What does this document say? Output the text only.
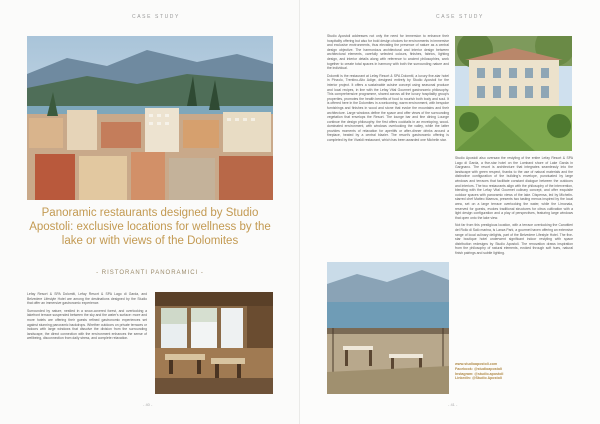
CASE STUDY
Panoramic restaurants designed by Studio Apostoli: exclusive locations for wellness by the lake or with views of the Dolomites
- RISTORANTI PANORAMICI -

Lefay Resort & SPA Dolomiti, Lefay Resort & SPA Lago di Garda, and Belvedere Lifestyle Hotel are among the destinations designed by the Studio that offer an immersive gastronomic experience.

Surrounded by nature, nestled in a snow-covered forest, and overlooking a lakefront terrace suspended between the sky and the water's surface: more and more hotels are offering their guests refined gastronomic experiences set against stunning panoramic backdrops. Whether outdoors on private terraces or indoors with large windows that dissolve the division from the surrounding landscape, the direct connection with the environment enhances the sense of wellbeing, disconnection from daily stress, and complete relaxation.

- 40 -
CASE STUDY
- 41 -

Studio Apostoli addresses not only the need for immersion to enhance their hospitality offering but also for bold design choices for environments in immersive and exclusive environments, thus elevating the presence of nature as a central design objective. The harmonious architectural and interior design between architectural elements, carefully selected colours, finishes, fabrics, lighting design, and interior details along with reference to ancient philosophies, work together to create total spaces in harmony with both the surrounding nature and the individual.

Dolomiti is the restaurant at Lefay Resort & SPA Dolomiti, a luxury five-star hotel in Pinzolo, Trentino-Alto Adige, designed entirely by Studio Apostoli for the interior project. It offers a sustainable cuisine concept using seasonal produce and local recipes, in line with the Lefay Vital Gourmet gastronomic philosophy. This comprehensive programme, shared across all the luxury hospitality group's properties, promotes the health benefits of food to nourish both body and soul. It is offered here in the Dolomites in a welcoming, warm environment, with bespoke furnishings and finishes in wood and stone that evoke the mountains and their architecture. Large windows define the space and offer views of the surrounding vegetation that envelops the Resort. The lounge bar and fine dining Lounge continue the design philosophy: the first offers cocktails in an enveloping, wood-dominated environment, with windows overlooking the valley, while the latter provides moments of relaxation for aperitifs or after-dinner drinks around a fireplace, heated by a central blazier. The resort's gastronomic offering is completed by the Vivaldi restaurant, which has been awarded one Michelin star.

Studio Apostoli also oversaw the restyling of the entire Lefay Resort & SPA Lago di Garda, a five-star hotel on the Lombard shore of Lake Garda in Gargnano. The resort is architecture that integrates seamlessly into the landscape with green respect, thanks to the use of natural materials and the distinctive configuration of the building's envelope, punctuated by large windows and terraces that facilitate constant dialogue between the outdoors and interiors. The two restaurants align with the philosophy of the intervention, blending with the Lefay Vital Gourmet culinary concept, and offer exquisite outdoor spaces with panoramic views of the lake. Dispensa, led by Michelin-starred chef Matteo Maenza, presents two tasting menus inspired by the local area, set on a large terrace overlooking the water, while the Limonaia, reserved for guests, evokes traditional structures for citrus cultivation with a light design configuration and a play of perspectives, featuring large windows that open onto the lake view.

Not far from this prestigious location, with a terrace overlooking the Canottieri del Rollo di Salò marina, is Lanza Park, a gourmet haven offering an extensive range of local culinary delights, part of the Belvedere Lifestyle Hotel. The five-star boutique hotel underwent significant indoor restyling with space distribution redesigns by Studio Apostoli. The renovation draws inspiration from the philosophy of natural elements, evoked through soft hues, natural finish pairings and subtle lighting.

www.studioapostoli.com
Facebook: @studioapostoli
Instagram: @studio.apostoli
LinkedIn: @Studio Apostoli
